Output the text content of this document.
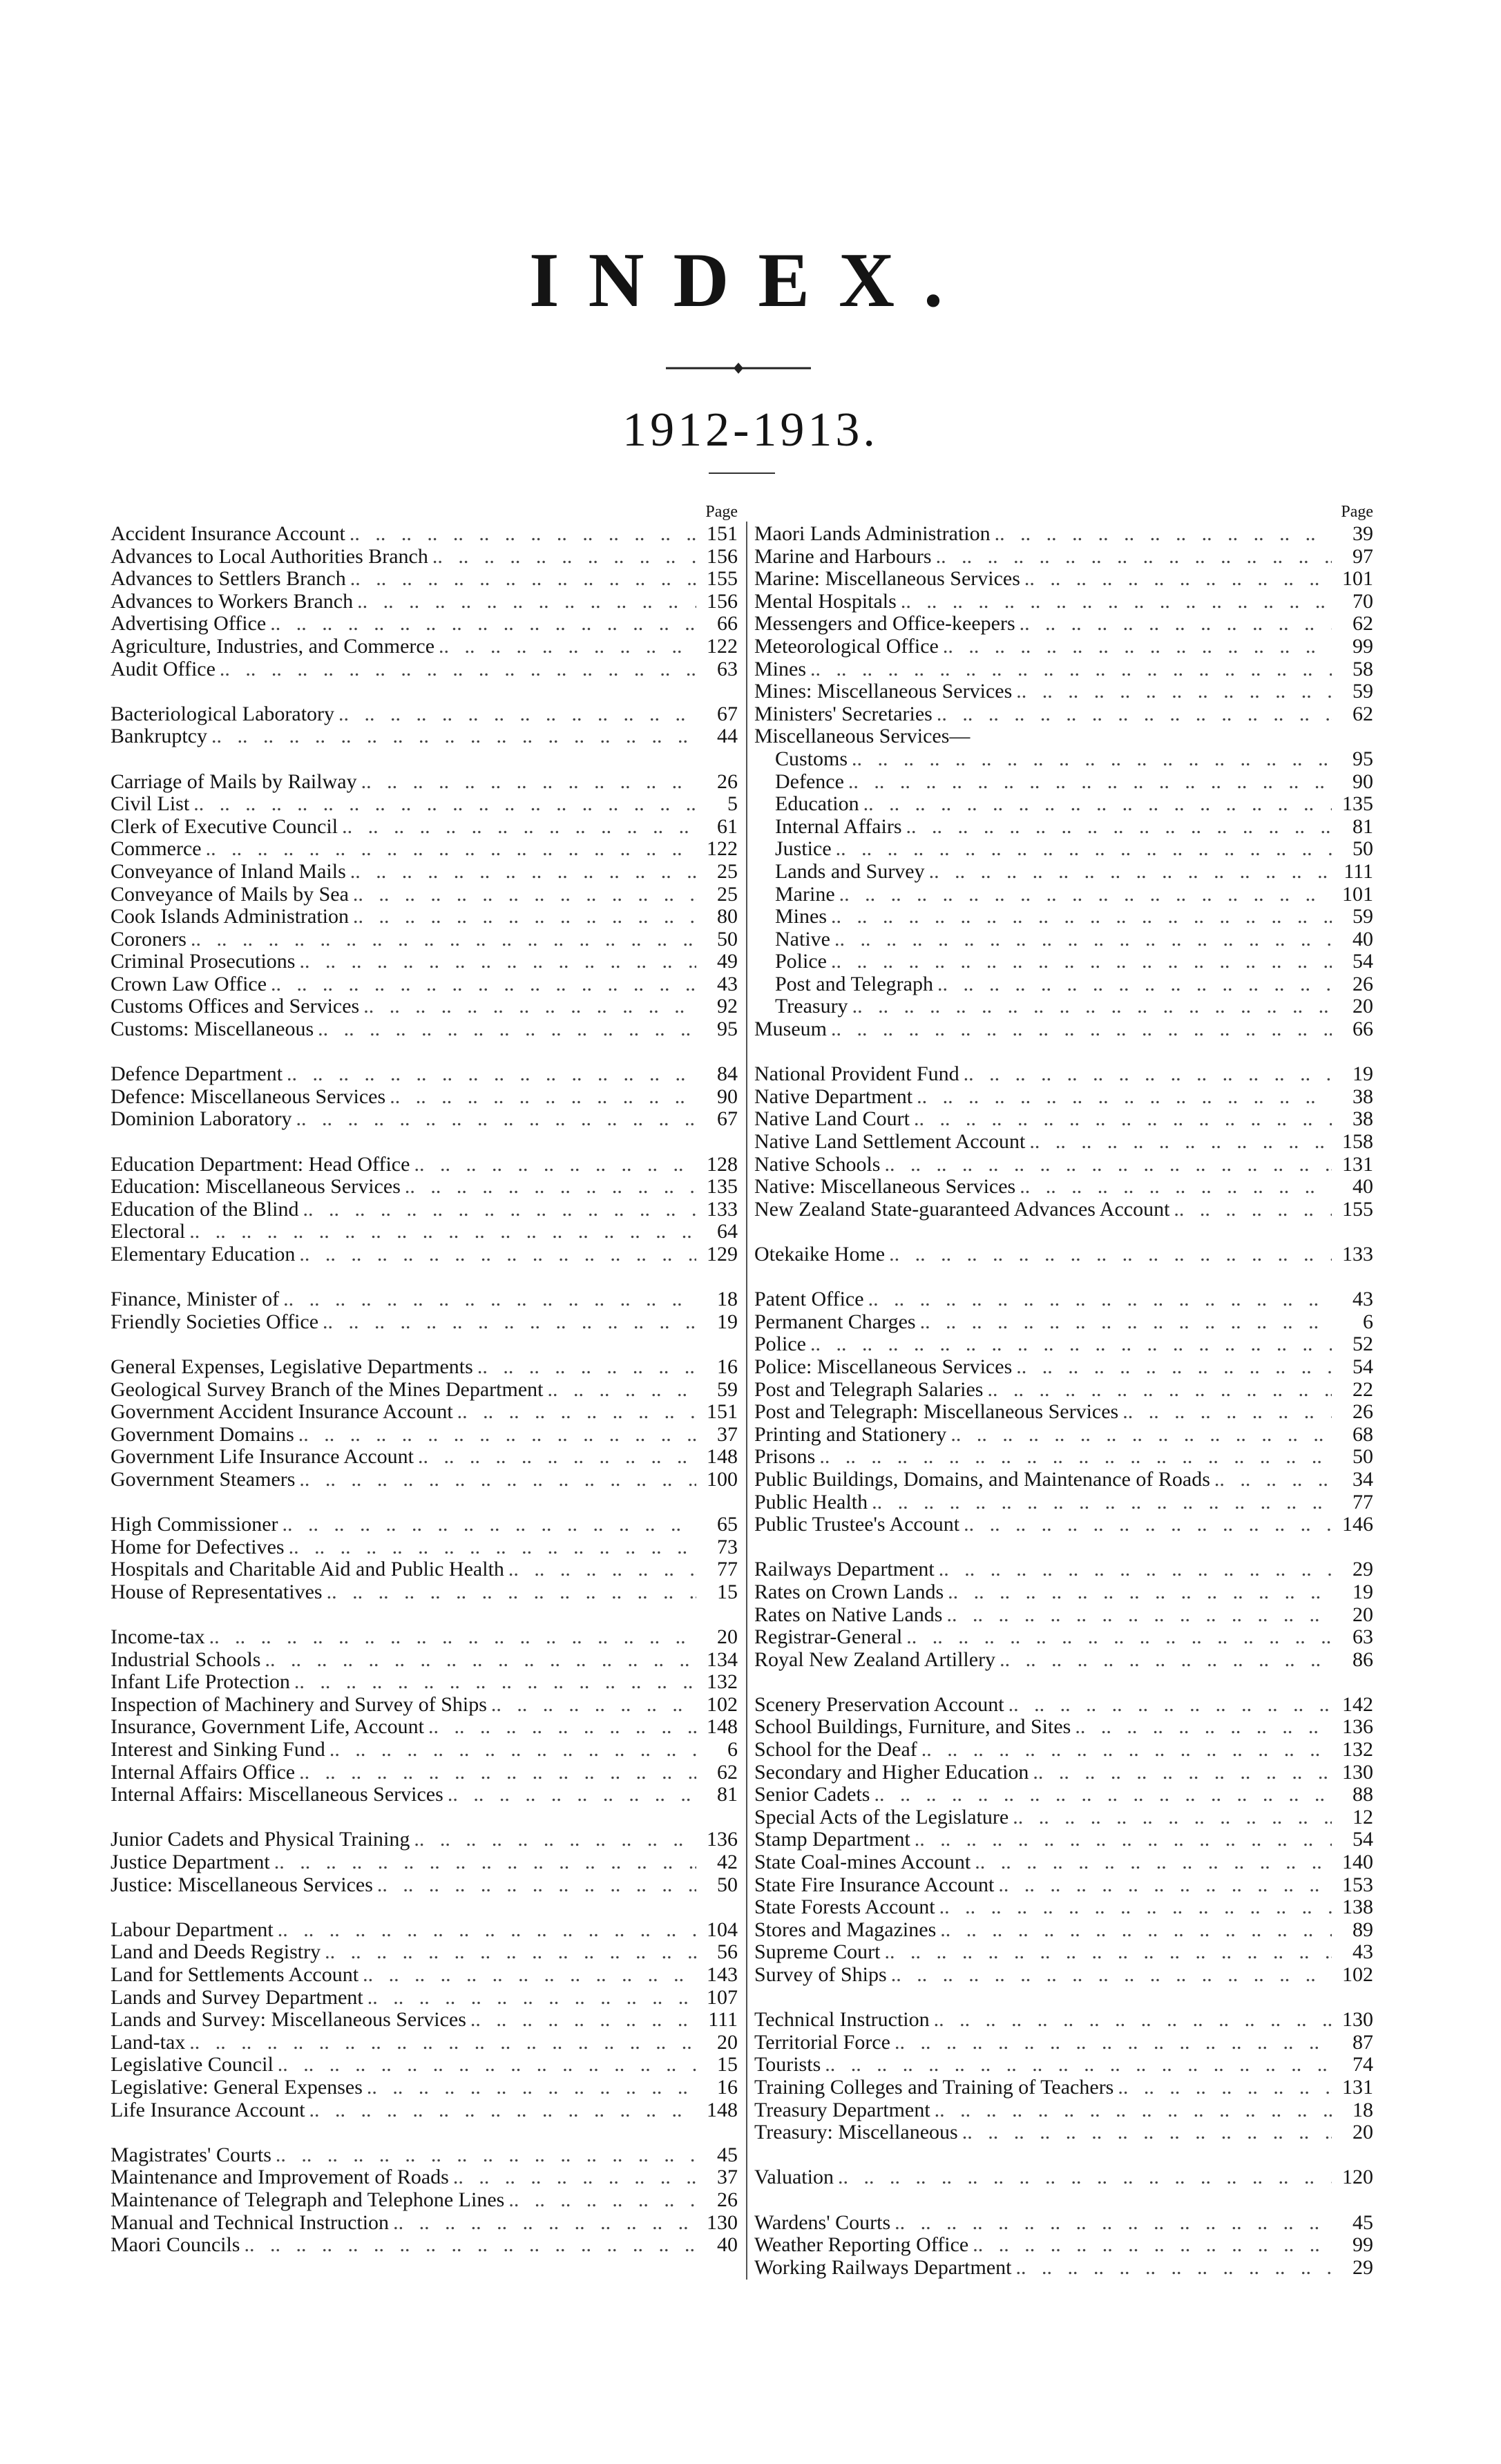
INDEX.
1912-1913.
Page
Accident Insurance Account ..	151
Advances to Local Authorities Branch ..	156
Advances to Settlers Branch ..	155
Advances to Workers Branch ..	156
Advertising Office ..	66
Agriculture, Industries, and Commerce ..	122
Audit Office ..	63
Bacteriological Laboratory ..	67
Bankruptcy ..	44
Carriage of Mails by Railway ..	26
Civil List ..	5
Clerk of Executive Council ..	61
Commerce ..	122
Conveyance of Inland Mails ..	25
Conveyance of Mails by Sea ..	25
Cook Islands Administration ..	80
Coroners ..	50
Criminal Prosecutions ..	49
Crown Law Office ..	43
Customs Offices and Services ..	92
Customs: Miscellaneous ..	95
Defence Department ..	84
Defence: Miscellaneous Services ..	90
Dominion Laboratory ..	67
Education Department: Head Office ..	128
Education: Miscellaneous Services ..	135
Education of the Blind ..	133
Electoral ..	64
Elementary Education ..	129
Finance, Minister of ..	18
Friendly Societies Office ..	19
General Expenses, Legislative Departments ..	16
Geological Survey Branch of the Mines Department ..	59
Government Accident Insurance Account ..	151
Government Domains ..	37
Government Life Insurance Account ..	148
Government Steamers ..	100
High Commissioner ..	65
Home for Defectives ..	73
Hospitals and Charitable Aid and Public Health ..	77
House of Representatives ..	15
Income-tax ..	20
Industrial Schools ..	134
Infant Life Protection ..	132
Inspection of Machinery and Survey of Ships ..	102
Insurance, Government Life, Account ..	148
Interest and Sinking Fund ..	6
Internal Affairs Office ..	62
Internal Affairs: Miscellaneous Services ..	81
Junior Cadets and Physical Training ..	136
Justice Department ..	42
Justice: Miscellaneous Services ..	50
Labour Department ..	104
Land and Deeds Registry ..	56
Land for Settlements Account ..	143
Lands and Survey Department ..	107
Lands and Survey: Miscellaneous Services ..	111
Land-tax ..	20
Legislative Council ..	15
Legislative: General Expenses ..	16
Life Insurance Account ..	148
Magistrates' Courts ..	45
Maintenance and Improvement of Roads ..	37
Maintenance of Telegraph and Telephone Lines ..	26
Manual and Technical Instruction ..	130
Maori Councils ..	40
Page
Maori Lands Administration ..	39
Marine and Harbours ..	97
Marine: Miscellaneous Services ..	101
Mental Hospitals ..	70
Messengers and Office-keepers ..	62
Meteorological Office ..	99
Mines ..	58
Mines: Miscellaneous Services ..	59
Ministers' Secretaries ..	62
Miscellaneous Services—
Customs ..	95
Defence ..	90
Education ..	135
Internal Affairs ..	81
Justice ..	50
Lands and Survey ..	111
Marine ..	101
Mines ..	59
Native ..	40
Police ..	54
Post and Telegraph ..	26
Treasury ..	20
Museum ..	66
National Provident Fund ..	19
Native Department ..	38
Native Land Court ..	38
Native Land Settlement Account ..	158
Native Schools ..	131
Native: Miscellaneous Services ..	40
New Zealand State-guaranteed Advances Account ..	155
Otekaike Home ..	133
Patent Office ..	43
Permanent Charges ..	6
Police ..	52
Police: Miscellaneous Services ..	54
Post and Telegraph Salaries ..	22
Post and Telegraph: Miscellaneous Services ..	26
Printing and Stationery ..	68
Prisons ..	50
Public Buildings, Domains, and Maintenance of Roads ..	34
Public Health ..	77
Public Trustee's Account ..	146
Railways Department ..	29
Rates on Crown Lands ..	19
Rates on Native Lands ..	20
Registrar-General ..	63
Royal New Zealand Artillery ..	86
Scenery Preservation Account ..	142
School Buildings, Furniture, and Sites ..	136
School for the Deaf ..	132
Secondary and Higher Education ..	130
Senior Cadets ..	88
Special Acts of the Legislature ..	12
Stamp Department ..	54
State Coal-mines Account ..	140
State Fire Insurance Account ..	153
State Forests Account ..	138
Stores and Magazines ..	89
Supreme Court ..	43
Survey of Ships ..	102
Technical Instruction ..	130
Territorial Force ..	87
Tourists ..	74
Training Colleges and Training of Teachers ..	131
Treasury Department ..	18
Treasury: Miscellaneous ..	20
Valuation ..	120
Wardens' Courts ..	45
Weather Reporting Office ..	99
Working Railways Department ..	29
